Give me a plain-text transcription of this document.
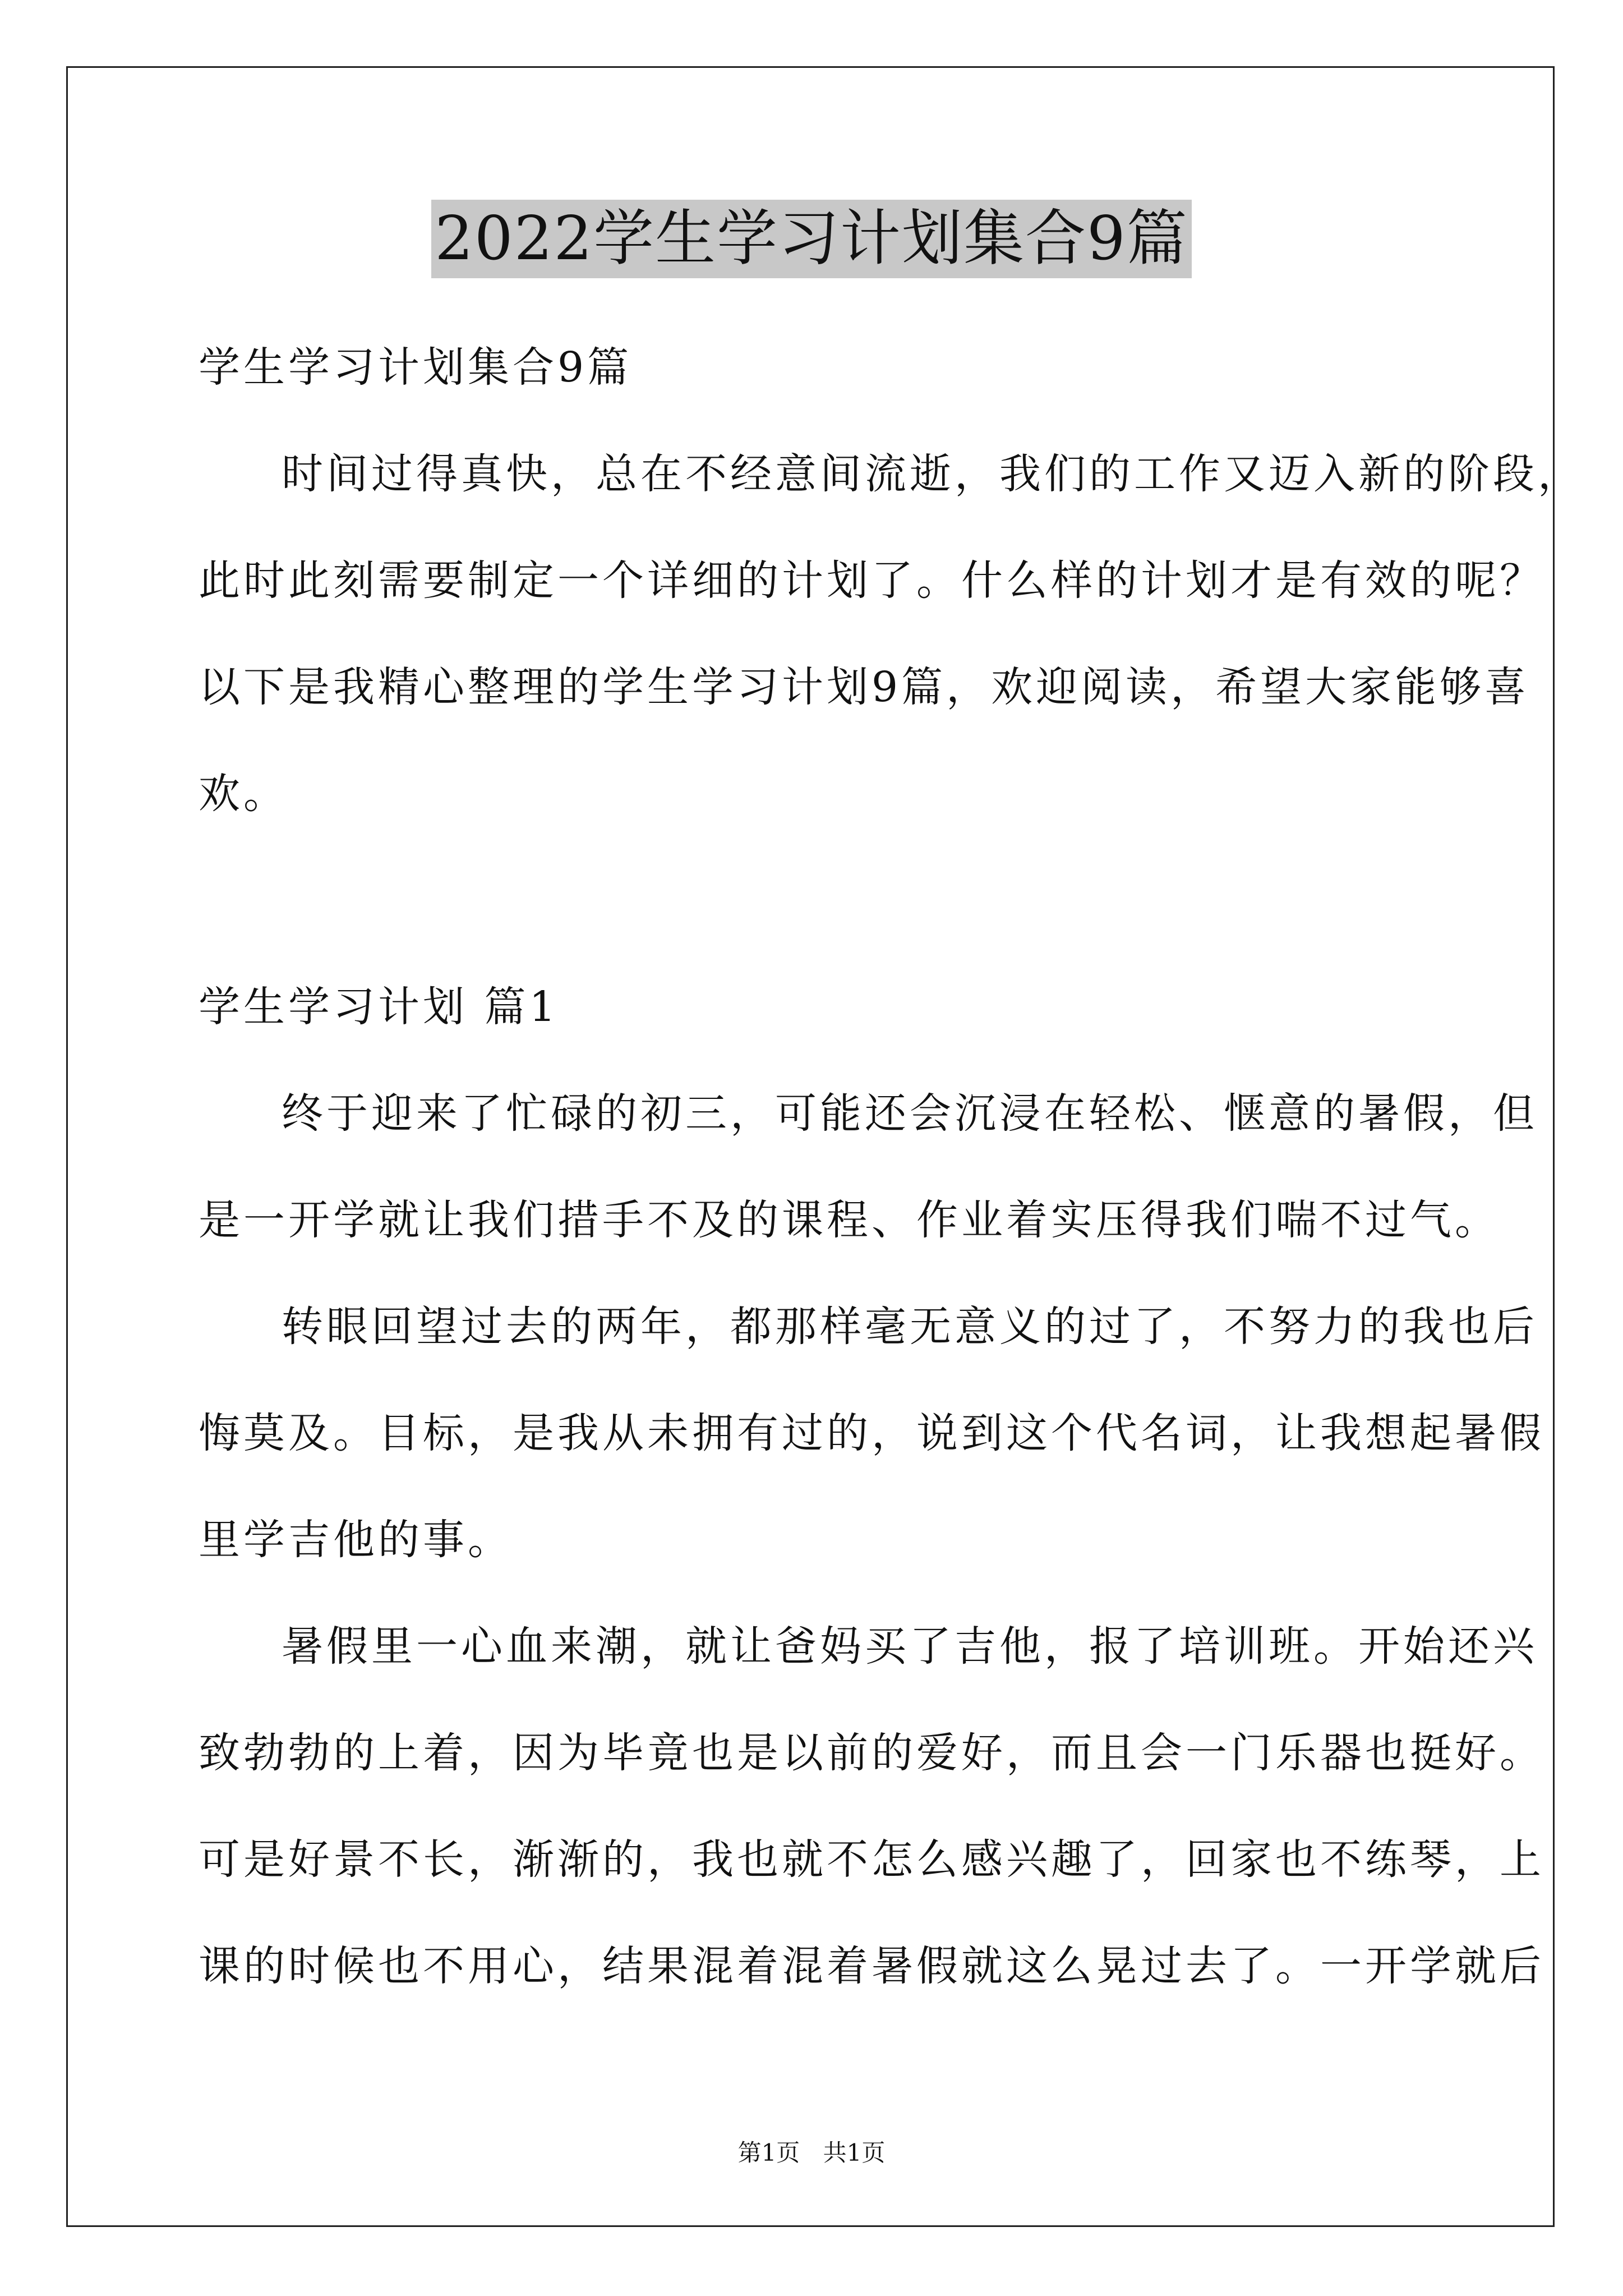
2022学生学习计划集合9篇
学生学习计划集合9篇
时间过得真快，总在不经意间流逝，我们的工作又迈入新的阶段，
此时此刻需要制定一个详细的计划了。什么样的计划才是有效的呢？
以下是我精心整理的学生学习计划9篇，欢迎阅读，希望大家能够喜
欢。
学生学习计划 篇1
终于迎来了忙碌的初三，可能还会沉浸在轻松、惬意的暑假，但
是一开学就让我们措手不及的课程、作业着实压得我们喘不过气。
转眼回望过去的两年，都那样毫无意义的过了，不努力的我也后
悔莫及。目标，是我从未拥有过的，说到这个代名词，让我想起暑假
里学吉他的事。
暑假里一心血来潮，就让爸妈买了吉他，报了培训班。开始还兴
致勃勃的上着，因为毕竟也是以前的爱好，而且会一门乐器也挺好。
可是好景不长，渐渐的，我也就不怎么感兴趣了，回家也不练琴，上
课的时候也不用心，结果混着混着暑假就这么晃过去了。一开学就后
第1页 共1页
